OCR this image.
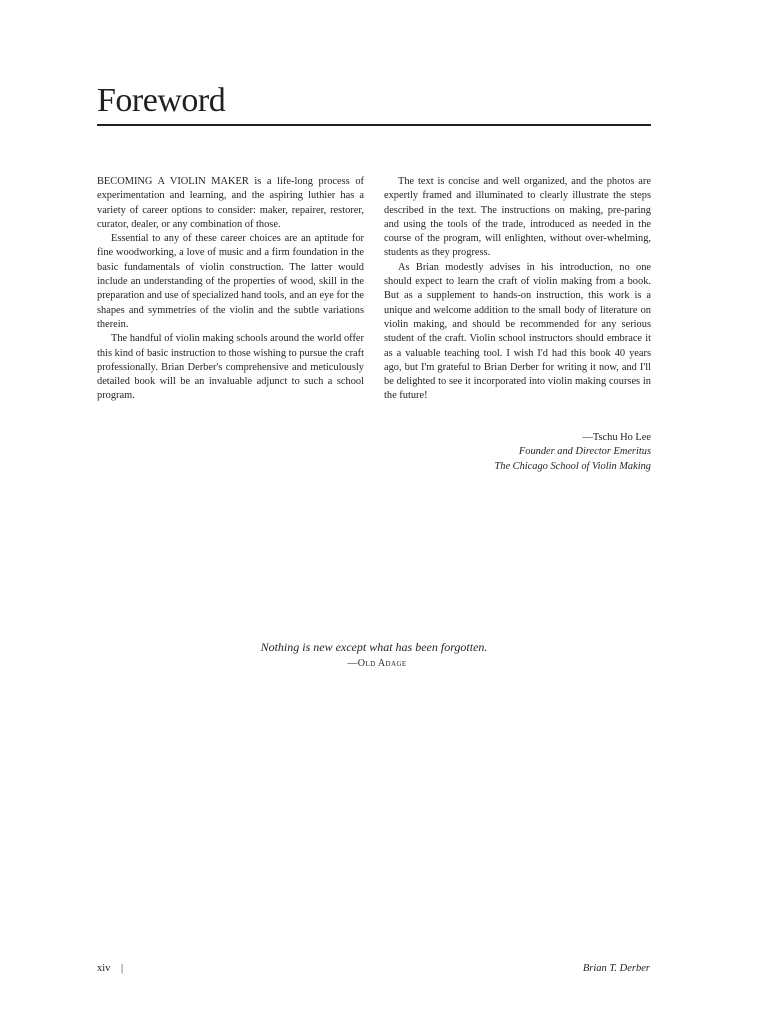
Foreword

BECOMING A VIOLIN MAKER is a life-long process of experimentation and learning, and the aspiring luthier has a variety of career options to consider: maker, repairer, restorer, curator, dealer, or any combination of those.

Essential to any of these career choices are an aptitude for fine woodworking, a love of music and a firm foundation in the basic fundamentals of violin construction. The latter would include an understanding of the properties of wood, skill in the preparation and use of specialized hand tools, and an eye for the shapes and symmetries of the violin and the subtle variations therein.

The handful of violin making schools around the world offer this kind of basic instruction to those wishing to pursue the craft professionally. Brian Derber's comprehensive and meticulously detailed book will be an invaluable adjunct to such a school program.

The text is concise and well organized, and the photos are expertly framed and illuminated to clearly illustrate the steps described in the text. The instructions on making, pre-paring and using the tools of the trade, introduced as needed in the course of the program, will enlighten, without over-whelming, students as they progress.

As Brian modestly advises in his introduction, no one should expect to learn the craft of violin making from a book. But as a supplement to hands-on instruction, this work is a unique and welcome addition to the small body of literature on violin making, and should be recommended for any serious student of the craft. Violin school instructors should embrace it as a valuable teaching tool. I wish I'd had this book 40 years ago, but I'm grateful to Brian Derber for writing it now, and I'll be delighted to see it incorporated into violin making courses in the future!

—Tschu Ho Lee
Founder and Director Emeritus
The Chicago School of Violin Making
Nothing is new except what has been forgotten.
—Old Adage
xiv |	Brian T. Derber
